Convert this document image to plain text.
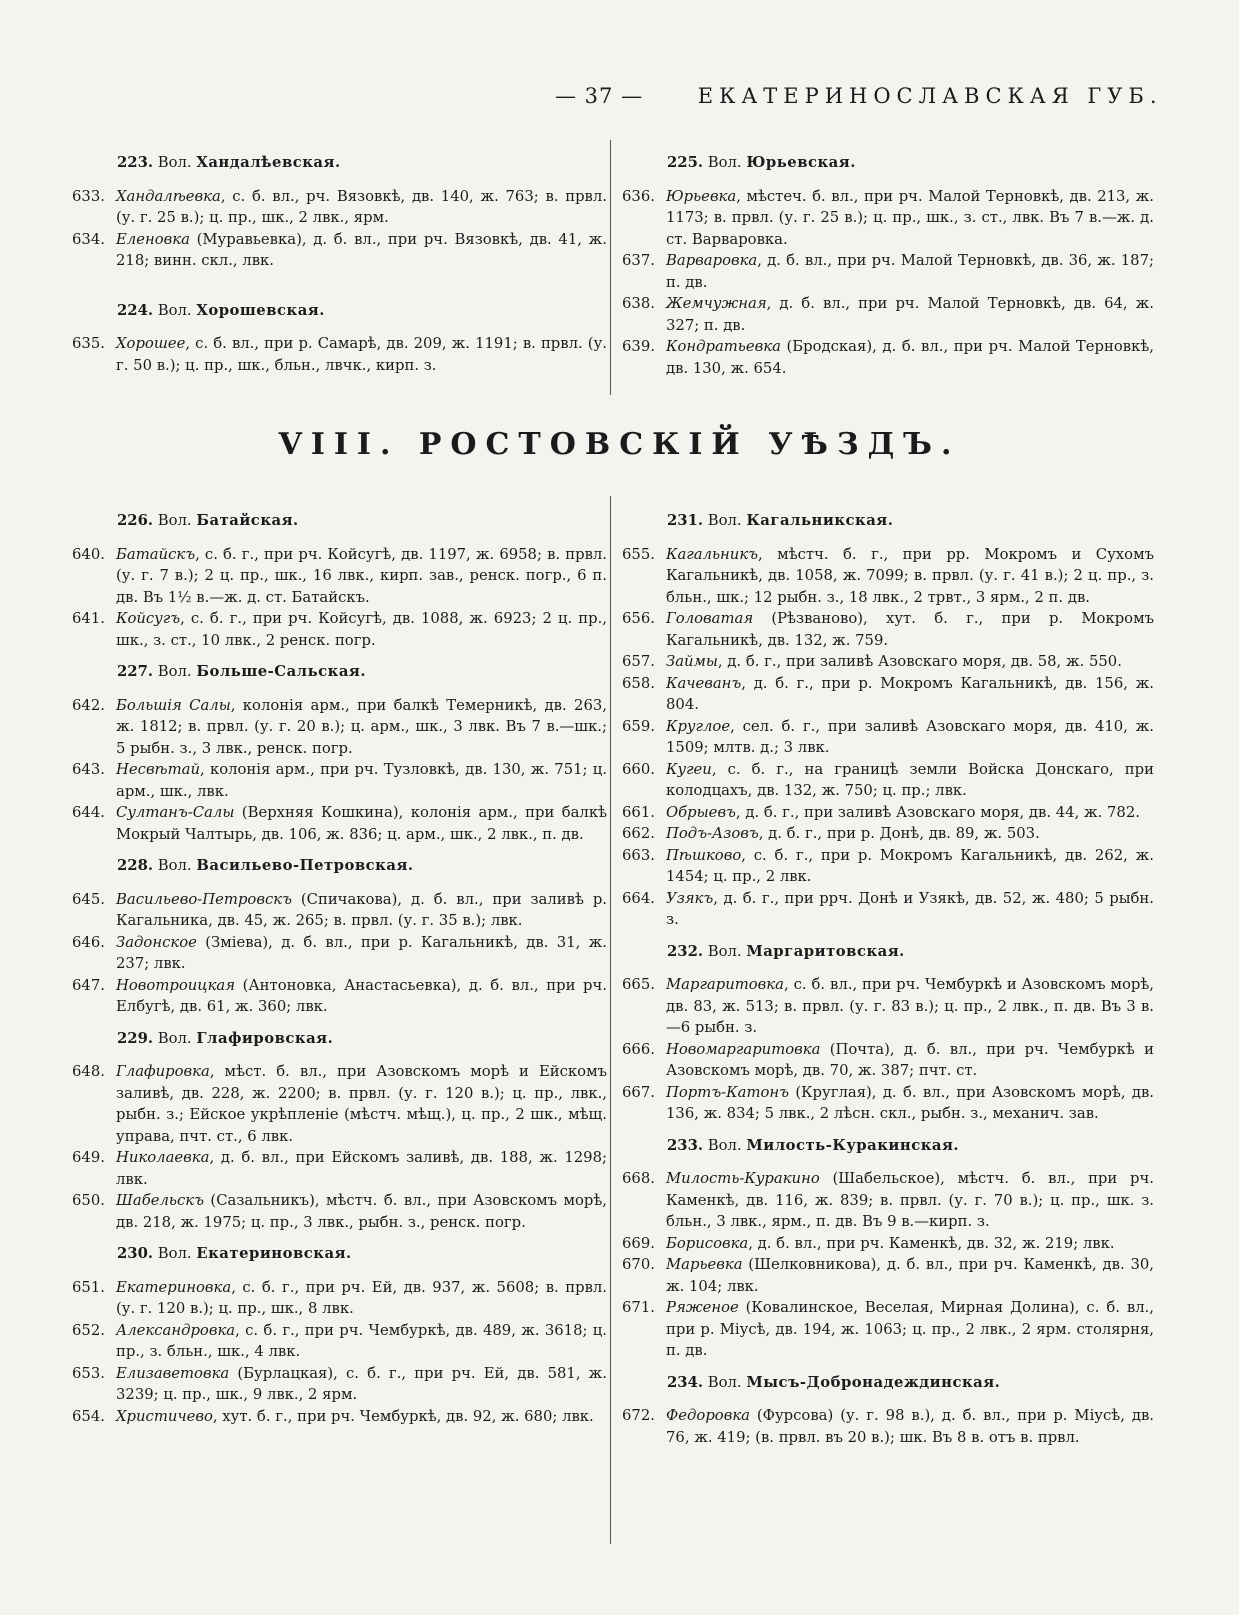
— 37 —	ЕКАТЕРИНОСЛАВСКАЯ ГУБ.
223. Вол. Хандалѣевская.
633. Хандалѣевка, с. б. вл., рч. Вязовкѣ, дв. 140, ж. 763; в. првл. (у. г. 25 в.); ц. пр., шк., 2 лвк., ярм.
634. Еленовка (Муравьевка), д. б. вл., при рч. Вязовкѣ, дв. 41, ж. 218; винн. скл., лвк.
224. Вол. Хорошевская.
635. Хорошее, с. б. вл., при р. Самарѣ, дв. 209, ж. 1191; в. првл. (у. г. 50 в.); ц. пр., шк., бльн., лвчк., кирп. з.
225. Вол. Юрьевская.
636. Юрьевка, мѣстеч. б. вл., при рч. Малой Терновкѣ, дв. 213, ж. 1173; в. првл. (у. г. 25 в.); ц. пр., шк., з. ст., лвк. Въ 7 в.—ж. д. ст. Варваровка.
637. Варваровка, д. б. вл., при рч. Малой Терновкѣ, дв. 36, ж. 187; п. дв.
638. Жемчужная, д. б. вл., при рч. Малой Терновкѣ, дв. 64, ж. 327; п. дв.
639. Кондратьевка (Бродская), д. б. вл., при рч. Малой Терновкѣ, дв. 130, ж. 654.
VIII. РОСТОВСКІЙ УѢЗДЪ.
226. Вол. Батайская.
640. Батайскъ, с. б. г., при рч. Койсугѣ, дв. 1197, ж. 6958; в. првл. (у. г. 7 в.); 2 ц. пр., шк., 16 лвк., кирп. зав., ренск. погр., 6 п. дв. Въ 1½ в.—ж. д. ст. Батайскъ.
641. Койсугъ, с. б. г., при рч. Койсугѣ, дв. 1088, ж. 6923; 2 ц. пр., шк., з. ст., 10 лвк., 2 ренск. погр.
227. Вол. Больше-Сальская.
642. Большія Салы, колонія арм., при балкѣ Темерникѣ, дв. 263, ж. 1812; в. првл. (у. г. 20 в.); ц. арм., шк., 3 лвк. Въ 7 в.—шк.; 5 рыбн. з., 3 лвк., ренск. погр.
643. Несвѣтай, колонія арм., при рч. Тузловкѣ, дв. 130, ж. 751; ц. арм., шк., лвк.
644. Султанъ-Салы (Верхняя Кошкина), колонія арм., при балкѣ Мокрый Чалтырь, дв. 106, ж. 836; ц. арм., шк., 2 лвк., п. дв.
228. Вол. Васильево-Петровская.
645. Васильево-Петровскъ (Спичакова), д. б. вл., при заливѣ р. Кагальника, дв. 45, ж. 265; в. првл. (у. г. 35 в.); лвк.
646. Задонское (Зміева), д. б. вл., при р. Кагальникѣ, дв. 31, ж. 237; лвк.
647. Новотроицкая (Антоновка, Анастасьевка), д. б. вл., при рч. Елбугѣ, дв. 61, ж. 360; лвк.
229. Вол. Глафировская.
648. Глафировка, мѣст. б. вл., при Азовскомъ морѣ и Ейскомъ заливѣ, дв. 228, ж. 2200; в. првл. (у. г. 120 в.); ц. пр., лвк., рыбн. з.; Ейское укрѣпленіе (мѣстч. мѣщ.), ц. пр., 2 шк., мѣщ. управа, пчт. ст., 6 лвк.
649. Николаевка, д. б. вл., при Ейскомъ заливѣ, дв. 188, ж. 1298; лвк.
650. Шабельскъ (Сазальникъ), мѣстч. б. вл., при Азовскомъ морѣ, дв. 218, ж. 1975; ц. пр., 3 лвк., рыбн. з., ренск. погр.
230. Вол. Екатериновская.
651. Екатериновка, с. б. г., при рч. Ей, дв. 937, ж. 5608; в. првл. (у. г. 120 в.); ц. пр., шк., 8 лвк.
652. Александровка, с. б. г., при рч. Чембуркѣ, дв. 489, ж. 3618; ц. пр., з. бльн., шк., 4 лвк.
653. Елизаветовка (Бурлацкая), с. б. г., при рч. Ей, дв. 581, ж. 3239; ц. пр., шк., 9 лвк., 2 ярм.
654. Христичево, хут. б. г., при рч. Чембуркѣ, дв. 92, ж. 680; лвк.
231. Вол. Кагальникская.
655. Кагальникъ, мѣстч. б. г., при рр. Мокромъ и Сухомъ Кагальникѣ, дв. 1058, ж. 7099; в. првл. (у. г. 41 в.); 2 ц. пр., з. бльн., шк.; 12 рыбн. з., 18 лвк., 2 трвт., 3 ярм., 2 п. дв.
656. Головатая (Рѣзвановo), хут. б. г., при р. Мокромъ Кагальникѣ, дв. 132, ж. 759.
657. Займы, д. б. г., при заливѣ Азовскаго моря, дв. 58, ж. 550.
658. Качеванъ, д. б. г., при р. Мокромъ Кагальникѣ, дв. 156, ж. 804.
659. Круглое, сел. б. г., при заливѣ Азовскаго моря, дв. 410, ж. 1509; млтв. д.; 3 лвк.
660. Кугеи, с. б. г., на границѣ земли Войска Донскаго, при колодцахъ, дв. 132, ж. 750; ц. пр.; лвк.
661. Обрыевъ, д. б. г., при заливѣ Азовскаго моря, дв. 44, ж. 782.
662. Подъ-Азовъ, д. б. г., при р. Донѣ, дв. 89, ж. 503.
663. Пѣшково, с. б. г., при р. Мокромъ Кагальникѣ, дв. 262, ж. 1454; ц. пр., 2 лвк.
664. Узякъ, д. б. г., при ррч. Донѣ и Узякѣ, дв. 52, ж. 480; 5 рыбн. з.
232. Вол. Маргаритовская.
665. Маргаритовка, с. б. вл., при рч. Чембуркѣ и Азовскомъ морѣ, дв. 83, ж. 513; в. првл. (у. г. 83 в.); ц. пр., 2 лвк., п. дв. Въ 3 в.—6 рыбн. з.
666. Новомаргаритовка (Почта), д. б. вл., при рч. Чембуркѣ и Азовскомъ морѣ, дв. 70, ж. 387; пчт. ст.
667. Портъ-Катонъ (Круглая), д. б. вл., при Азовскомъ морѣ, дв. 136, ж. 834; 5 лвк., 2 лѣсн. скл., рыбн. з., механич. зав.
233. Вол. Милость-Куракинская.
668. Милость-Куракино (Шабельское), мѣстч. б. вл., при рч. Каменкѣ, дв. 116, ж. 839; в. првл. (у. г. 70 в.); ц. пр., шк. з. бльн., 3 лвк., ярм., п. дв. Въ 9 в.—кирп. з.
669. Борисовка, д. б. вл., при рч. Каменкѣ, дв. 32, ж. 219; лвк.
670. Марьевка (Шелковникова), д. б. вл., при рч. Каменкѣ, дв. 30, ж. 104; лвк.
671. Ряженое (Ковалинское, Веселая, Мирная Долина), с. б. вл., при р. Міусѣ, дв. 194, ж. 1063; ц. пр., 2 лвк., 2 ярм. столярня, п. дв.
234. Вол. Мысъ-Добронадеждинская.
672. Федоровка (Фурсова) (у. г. 98 в.), д. б. вл., при р. Міусѣ, дв. 76, ж. 419; (в. првл. въ 20 в.); шк. Въ 8 в. отъ в. првл.
